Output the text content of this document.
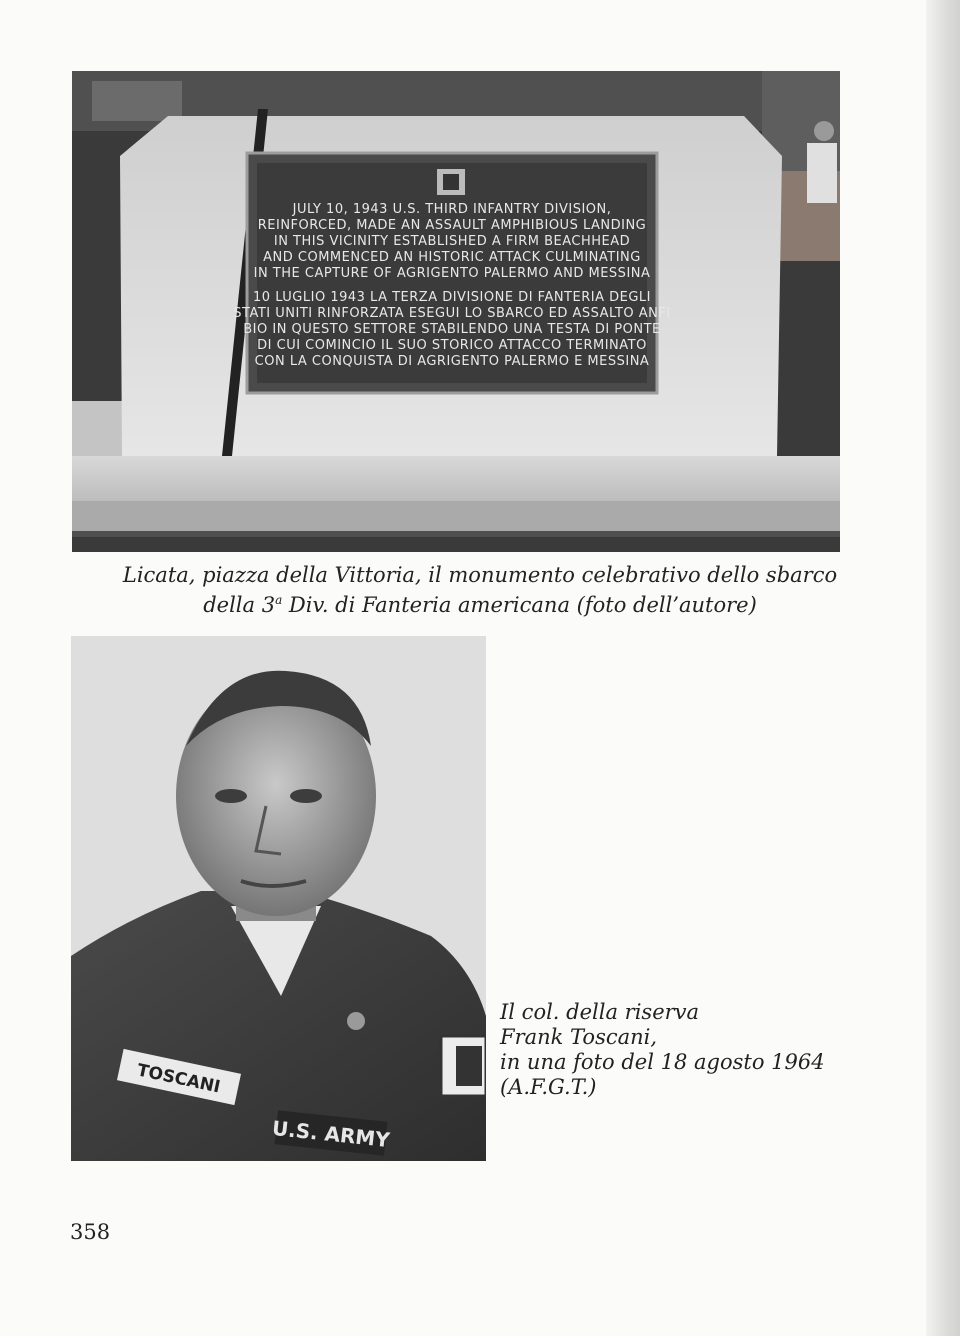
JULY 10, 1943 U.S. THIRD INFANTRY DIVISION,
REINFORCED, MADE AN ASSAULT AMPHIBIOUS LANDING
IN THIS VICINITY ESTABLISHED A FIRM BEACHHEAD
AND COMMENCED AN HISTORIC ATTACK CULMINATING
IN THE CAPTURE OF AGRIGENTO PALERMO AND MESSINA
10 LUGLIO 1943 LA TERZA DIVISIONE DI FANTERIA DEGLI
STATI UNITI RINFORZATA ESEGUI LO SBARCO ED ASSALTO ANFI
BIO IN QUESTO SETTORE STABILENDO UNA TESTA DI PONTE
DI CUI COMINCIO IL SUO STORICO ATTACCO TERMINATO
CON LA CONQUISTA DI AGRIGENTO PALERMO E MESSINA
Licata, piazza della Vittoria, il monumento celebrativo dello sbarco
della 3$^a$ Div. di Fanteria americana (foto dell’autore)
TOSCANI
U.S. ARMY
Il col. della riserva
Frank Toscani,
in una foto del 18 agosto 1964
(A.F.G.T.)
358
